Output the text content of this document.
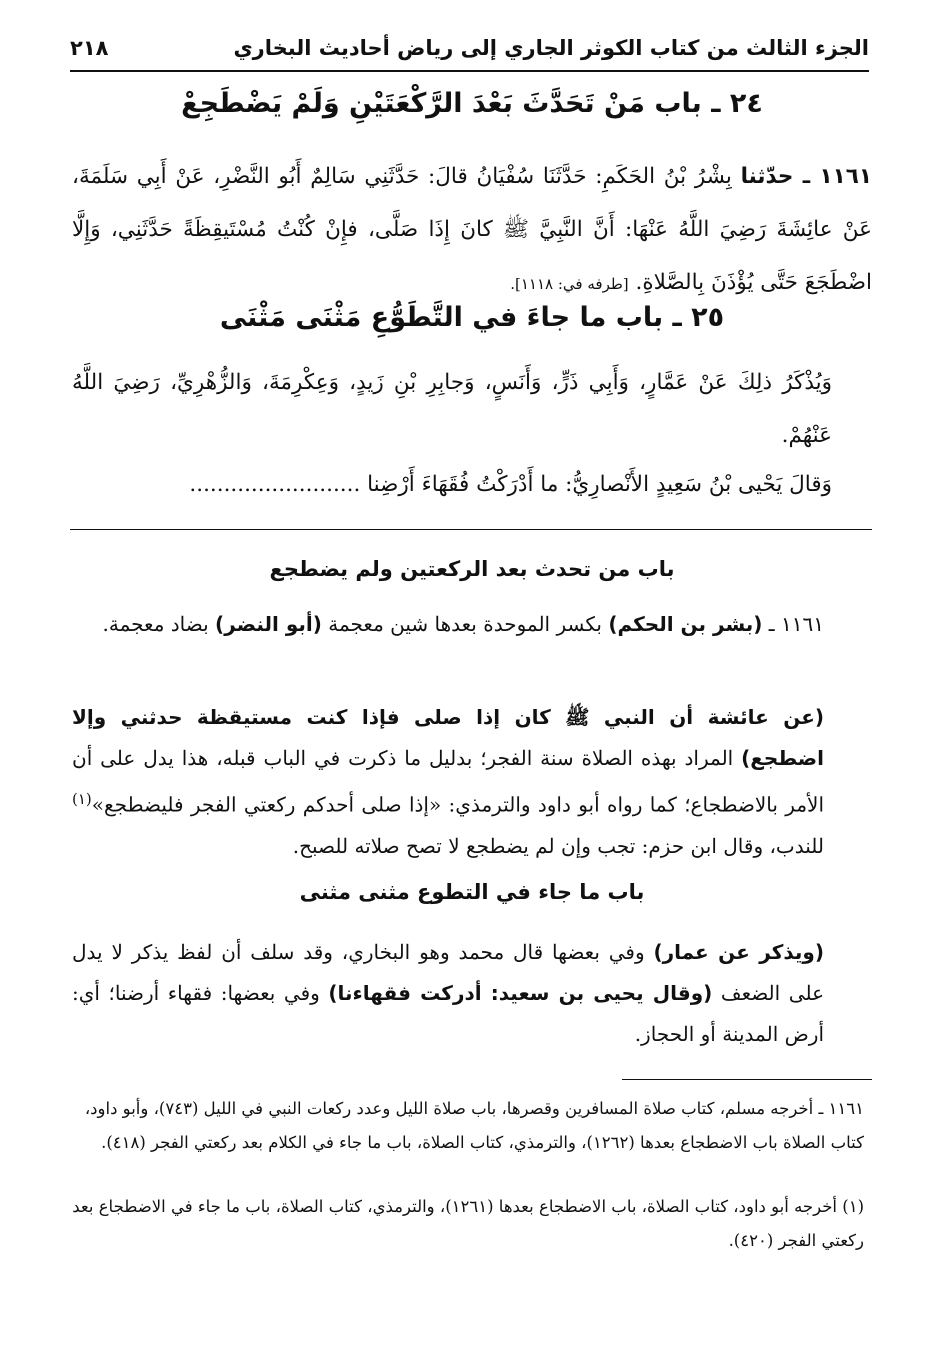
٢١٨	الجزء الثالث من كتاب الكوثر الجاري إلى رياض أحاديث البخاري
٢٤ ـ باب مَنْ تَحَدَّثَ بَعْدَ الرَّكْعَتَيْنِ وَلَمْ يَضْطَجِعْ
١١٦١ ـ حدّثنا بِشْرُ بْنُ الحَكَمِ: حَدَّثَنَا سُفْيَانُ قالَ: حَدَّثَنِي سَالِمٌ أَبُو النَّضْرِ، عَنْ أَبِي سَلَمَةَ، عَنْ عائِشَةَ رَضِيَ اللَّهُ عَنْهَا: أَنَّ النَّبِيَّ ﷺ كانَ إِذَا صَلَّى، فإِنْ كُنْتُ مُسْتَيقِظَةً حَدَّثَنِي، وَإِلَّا اضْطَجَعَ حَتَّى يُؤْذَنَ بِالصَّلاةِ. [طرفه في: ١١١٨].
٢٥ ـ باب ما جاءَ في التَّطَوُّعِ مَثْنَى مَثْنَى
وَيُذْكَرُ ذلِكَ عَنْ عَمَّارٍ، وَأَبِي ذَرٍّ، وَأَنَسٍ، وَجابِرِ بْنِ زَيدٍ، وَعِكْرِمَةَ، وَالزُّهْرِيِّ، رَضِيَ اللَّهُ عَنْهُمْ.
وَقالَ يَحْيى بْنُ سَعِيدٍ الأَنْصارِيُّ: ما أَدْرَكْتُ فُقَهَاءَ أَرْضِنا .........................
باب من تحدث بعد الركعتين ولم يضطجع
١١٦١ ـ (بشر بن الحكم) بكسر الموحدة بعدها شين معجمة (أبو النضر) بضاد معجمة.
(عن عائشة أن النبي ﷺ كان إذا صلى فإذا كنت مستيقظة حدثني وإلا اضطجع) المراد بهذه الصلاة سنة الفجر؛ بدليل ما ذكرت في الباب قبله، هذا يدل على أن الأمر بالاضطجاع؛ كما رواه أبو داود والترمذي: «إذا صلى أحدكم ركعتي الفجر فليضطجع»$^{(١)}$ للندب، وقال ابن حزم: تجب وإن لم يضطجع لا تصح صلاته للصبح.
باب ما جاء في التطوع مثنى مثنى
(ويذكر عن عمار) وفي بعضها قال محمد وهو البخاري، وقد سلف أن لفظ يذكر لا يدل على الضعف (وقال يحيى بن سعيد: أدركت فقهاءنا) وفي بعضها: فقهاء أرضنا؛ أي: أرض المدينة أو الحجاز.
١١٦١ ـ أخرجه مسلم، كتاب صلاة المسافرين وقصرها، باب صلاة الليل وعدد ركعات النبي في الليل (٧٤٣)، وأبو داود، كتاب الصلاة باب الاضطجاع بعدها (١٢٦٢)، والترمذي، كتاب الصلاة، باب ما جاء في الكلام بعد ركعتي الفجر (٤١٨).
(١) أخرجه أبو داود، كتاب الصلاة، باب الاضطجاع بعدها (١٢٦١)، والترمذي، كتاب الصلاة، باب ما جاء في الاضطجاع بعد ركعتي الفجر (٤٢٠).
